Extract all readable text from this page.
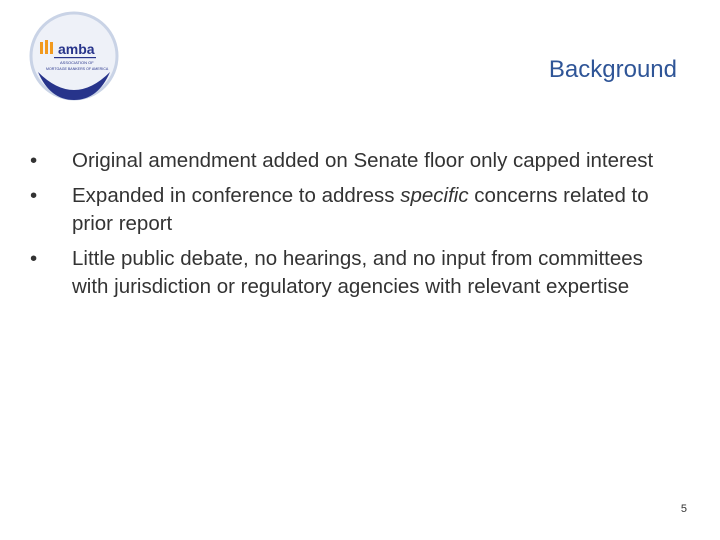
amba
ASSOCIATION OF
MORTGAGE BANKERS OF AMERICA	Background
•	Original amendment added on Senate floor only capped interest
•	Expanded in conference to address specific concerns related to prior report
•	Little public debate, no hearings, and no input from committees with jurisdiction or regulatory agencies with relevant expertise
5
